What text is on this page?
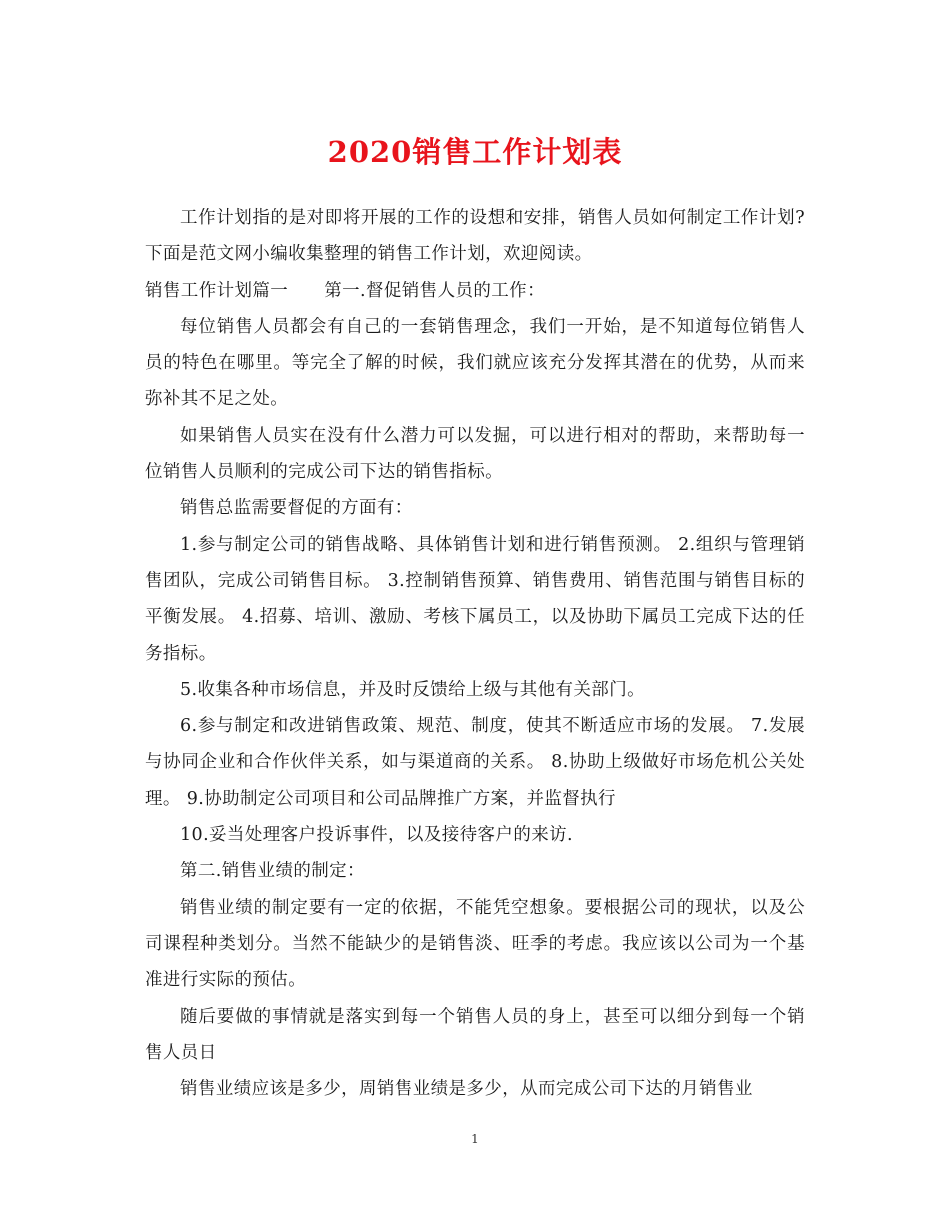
2020销售工作计划表

工作计划指的是对即将开展的工作的设想和安排，销售人员如何制定工作计划?下面是范文网小编收集整理的销售工作计划，欢迎阅读。

销售工作计划篇一 第一.督促销售人员的工作：

每位销售人员都会有自己的一套销售理念，我们一开始，是不知道每位销售人员的特色在哪里。等完全了解的时候，我们就应该充分发挥其潜在的优势，从而来弥补其不足之处。

如果销售人员实在没有什么潜力可以发掘，可以进行相对的帮助，来帮助每一位销售人员顺利的完成公司下达的销售指标。

销售总监需要督促的方面有：

1.参与制定公司的销售战略、具体销售计划和进行销售预测。 2.组织与管理销售团队，完成公司销售目标。 3.控制销售预算、销售费用、销售范围与销售目标的平衡发展。 4.招募、培训、激励、考核下属员工，以及协助下属员工完成下达的任务指标。

5.收集各种市场信息，并及时反馈给上级与其他有关部门。

6.参与制定和改进销售政策、规范、制度，使其不断适应市场的发展。 7.发展与协同企业和合作伙伴关系，如与渠道商的关系。 8.协助上级做好市场危机公关处理。 9.协助制定公司项目和公司品牌推广方案，并监督执行

10.妥当处理客户投诉事件，以及接待客户的来访.

第二.销售业绩的制定：

销售业绩的制定要有一定的依据，不能凭空想象。要根据公司的现状，以及公司课程种类划分。当然不能缺少的是销售淡、旺季的考虑。我应该以公司为一个基准进行实际的预估。

随后要做的事情就是落实到每一个销售人员的身上，甚至可以细分到每一个销售人员日

销售业绩应该是多少，周销售业绩是多少，从而完成公司下达的月销售业

1
